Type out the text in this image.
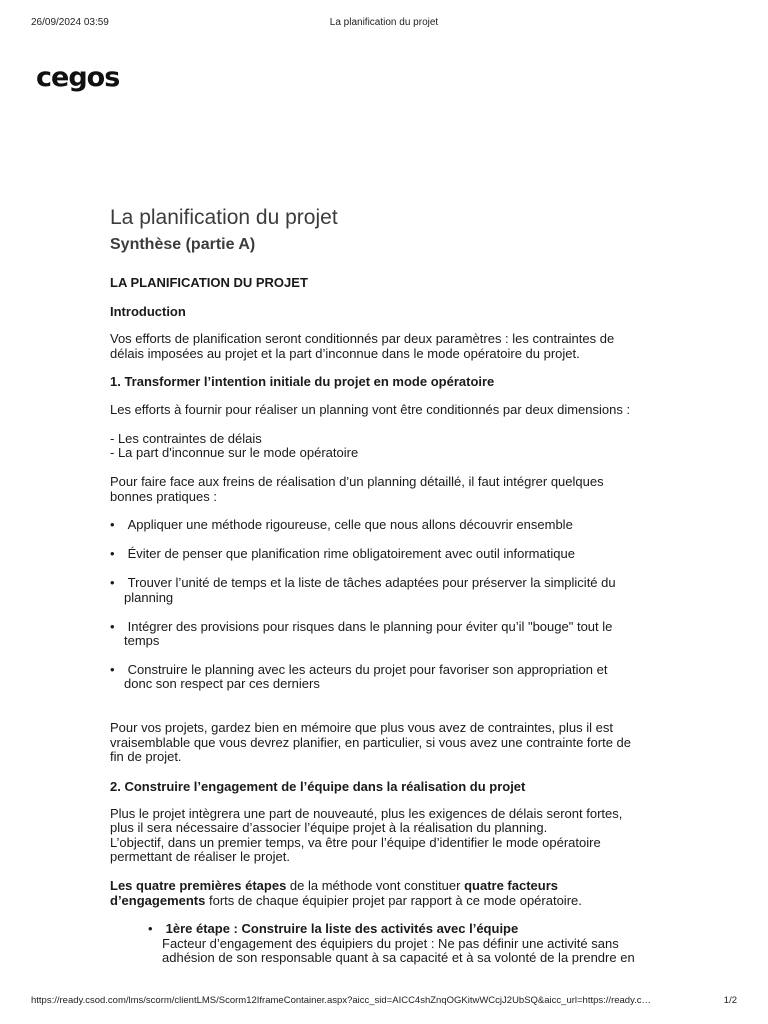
26/09/2024 03:59	La planification du projet
cegos
La planification du projet
Synthèse (partie A)
LA PLANIFICATION DU PROJET
Introduction

Vos efforts de planification seront conditionnés par deux paramètres : les contraintes de
délais imposées au projet et la part d’inconnue dans le mode opératoire du projet.

1. Transformer l’intention initiale du projet en mode opératoire

Les efforts à fournir pour réaliser un planning vont être conditionnés par deux dimensions :

- Les contraintes de délais
- La part d'inconnue sur le mode opératoire

Pour faire face aux freins de réalisation d’un planning détaillé, il faut intégrer quelques
bonnes pratiques :

• Appliquer une méthode rigoureuse, celle que nous allons découvrir ensemble
• Éviter de penser que planification rime obligatoirement avec outil informatique
• Trouver l’unité de temps et la liste de tâches adaptées pour préserver la simplicité du
planning
• Intégrer des provisions pour risques dans le planning pour éviter qu’il "bouge" tout le
temps
• Construire le planning avec les acteurs du projet pour favoriser son appropriation et
donc son respect par ces derniers

Pour vos projets, gardez bien en mémoire que plus vous avez de contraintes, plus il est
vraisemblable que vous devrez planifier, en particulier, si vous avez une contrainte forte de
fin de projet.

2. Construire l’engagement de l’équipe dans la réalisation du projet

Plus le projet intègrera une part de nouveauté, plus les exigences de délais seront fortes,
plus il sera nécessaire d’associer l’équipe projet à la réalisation du planning.
L’objectif, dans un premier temps, va être pour l’équipe d’identifier le mode opératoire
permettant de réaliser le projet.

Les quatre premières étapes de la méthode vont constituer quatre facteurs
d’engagements forts de chaque équipier projet par rapport à ce mode opératoire.

•  1ère étape : Construire la liste des activités avec l’équipe
Facteur d’engagement des équipiers du projet : Ne pas définir une activité sans
adhésion de son responsable quant à sa capacité et à sa volonté de la prendre en
https://ready.csod.com/lms/scorm/clientLMS/Scorm12IframeContainer.aspx?aicc_sid=AICC4shZnqOGKitwWCcjJ2UbSQ&aicc_url=https://ready.c…	1/2
